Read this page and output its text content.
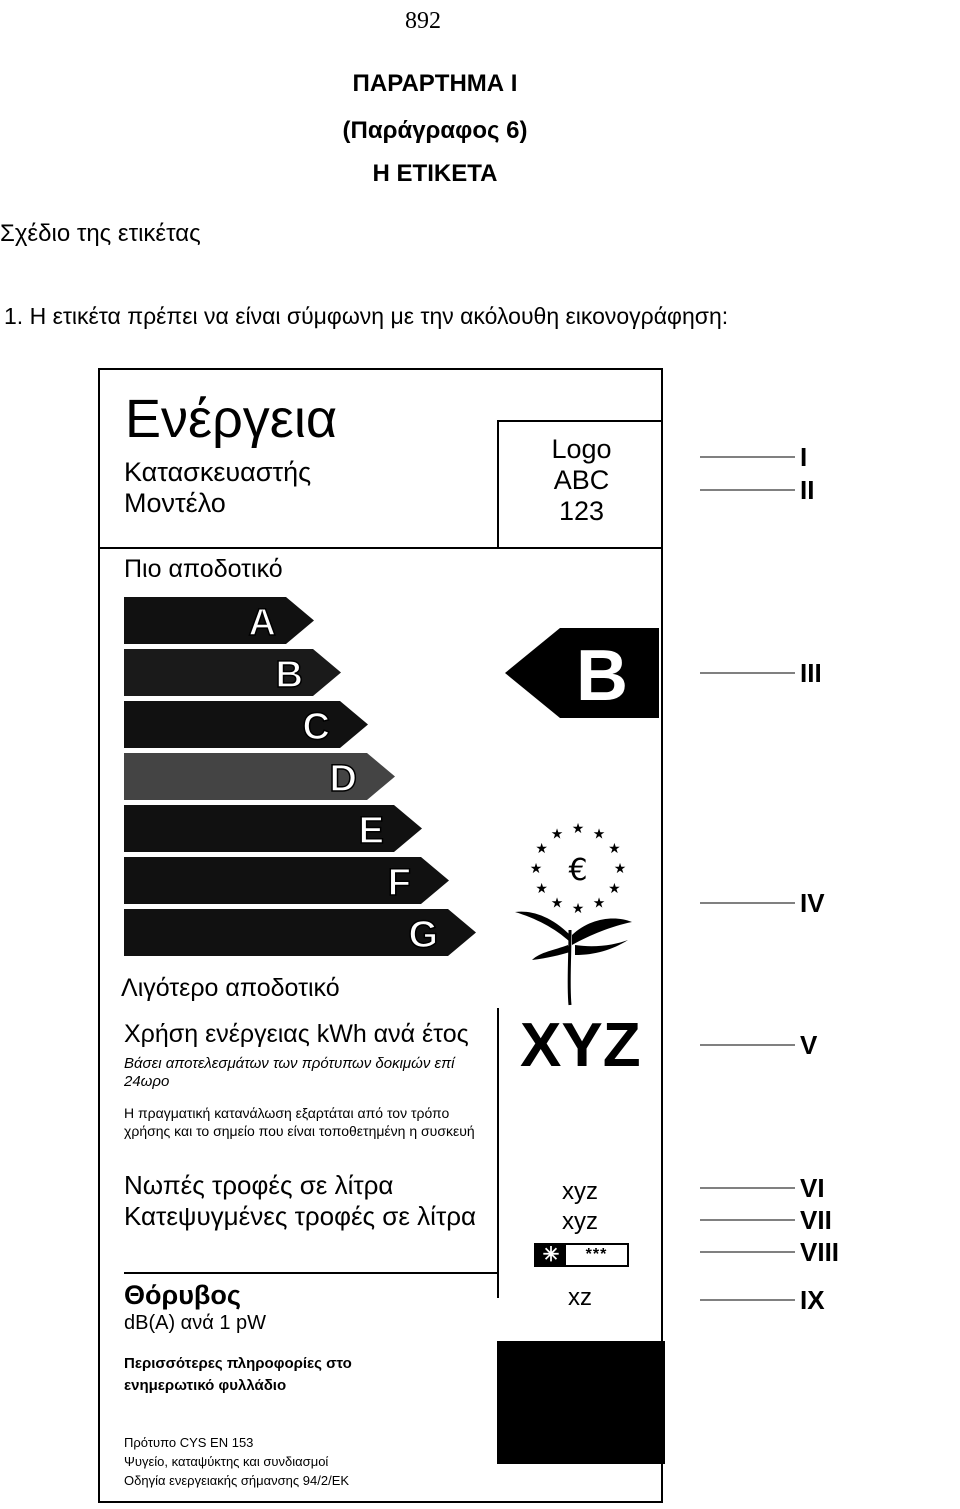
892
ΠΑΡΑΡΤΗΜΑ Ι
(Παράγραφος 6)
Η ΕΤΙΚΕΤΑ
Σχέδιο της ετικέτας
1. Η ετικέτα πρέπει να είναι σύμφωνη με την ακόλουθη εικονογράφηση:
Ενέργεια
Κατασκευαστής
Μοντέλο
Logo
ABC
123
Πιο αποδοτικό
Λιγότερο αποδοτικό
A
B
C
D
E
F
G
B
★
★
★
★
★
★
★
★
★ ★ ★
★
€
Χρήση ενέργειας kWh ανά έτος
Βάσει αποτελεσμάτων των πρότυπων δοκιμών επί 24ωρο
Η πραγματική κατανάλωση εξαρτάται από τον τρόπο χρήσης και το σημείο που είναι τοποθετημένη η συσκευή
XYZ
Νωπές τροφές σε λίτρα
Κατεψυγμένες τροφές σε λίτρα
xyz
xyz
✳	***
Θόρυβος
dB(A) ανά 1 pW
xz
Περισσότερες πληροφορίες στο ενημερωτικό φυλλάδιο
Πρότυπο CYS EN 153
Ψυγείο, καταψύκτης και συνδιασμοί
Οδηγία ενεργειακής σήμανσης 94/2/ΕΚ
I
II
III
IV
V
VI
VII
VIII
IX
